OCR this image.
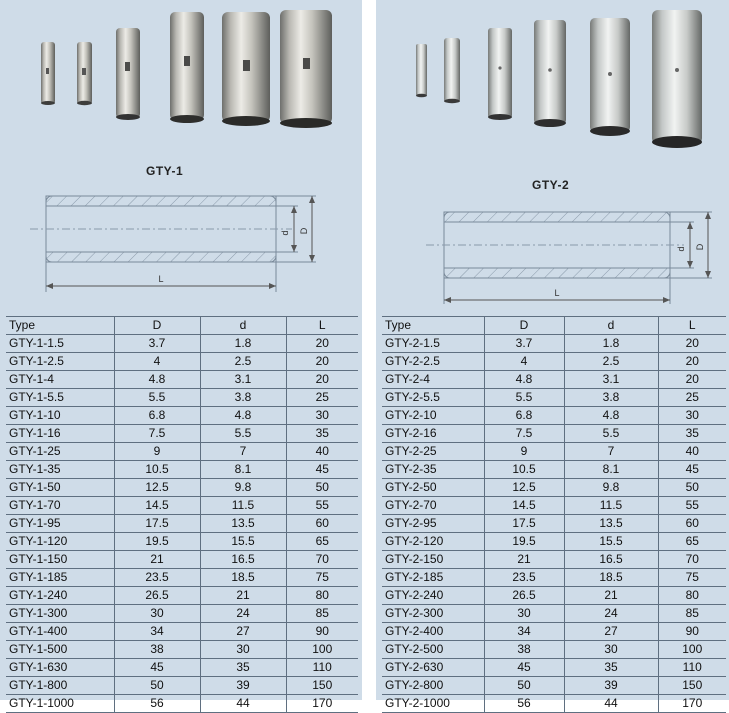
GTY-1
d D
L
Type	D	d	L
GTY-1-1.5	3.7	1.8	20
GTY-1-2.5	4	2.5	20
GTY-1-4	4.8	3.1	20
GTY-1-5.5	5.5	3.8	25
GTY-1-10	6.8	4.8	30
GTY-1-16	7.5	5.5	35
GTY-1-25	9	7	40
GTY-1-35	10.5	8.1	45
GTY-1-50	12.5	9.8	50
GTY-1-70	14.5	11.5	55
GTY-1-95	17.5	13.5	60
GTY-1-120	19.5	15.5	65
GTY-1-150	21	16.5	70
GTY-1-185	23.5	18.5	75
GTY-1-240	26.5	21	80
GTY-1-300	30	24	85
GTY-1-400	34	27	90
GTY-1-500	38	30	100
GTY-1-630	45	35	110
GTY-1-800	50	39	150
GTY-1-1000	56	44	170
GTY-2
d D
L
Type	D	d	L
GTY-2-1.5	3.7	1.8	20
GTY-2-2.5	4	2.5	20
GTY-2-4	4.8	3.1	20
GTY-2-5.5	5.5	3.8	25
GTY-2-10	6.8	4.8	30
GTY-2-16	7.5	5.5	35
GTY-2-25	9	7	40
GTY-2-35	10.5	8.1	45
GTY-2-50	12.5	9.8	50
GTY-2-70	14.5	11.5	55
GTY-2-95	17.5	13.5	60
GTY-2-120	19.5	15.5	65
GTY-2-150	21	16.5	70
GTY-2-185	23.5	18.5	75
GTY-2-240	26.5	21	80
GTY-2-300	30	24	85
GTY-2-400	34	27	90
GTY-2-500	38	30	100
GTY-2-630	45	35	110
GTY-2-800	50	39	150
GTY-2-1000	56	44	170
